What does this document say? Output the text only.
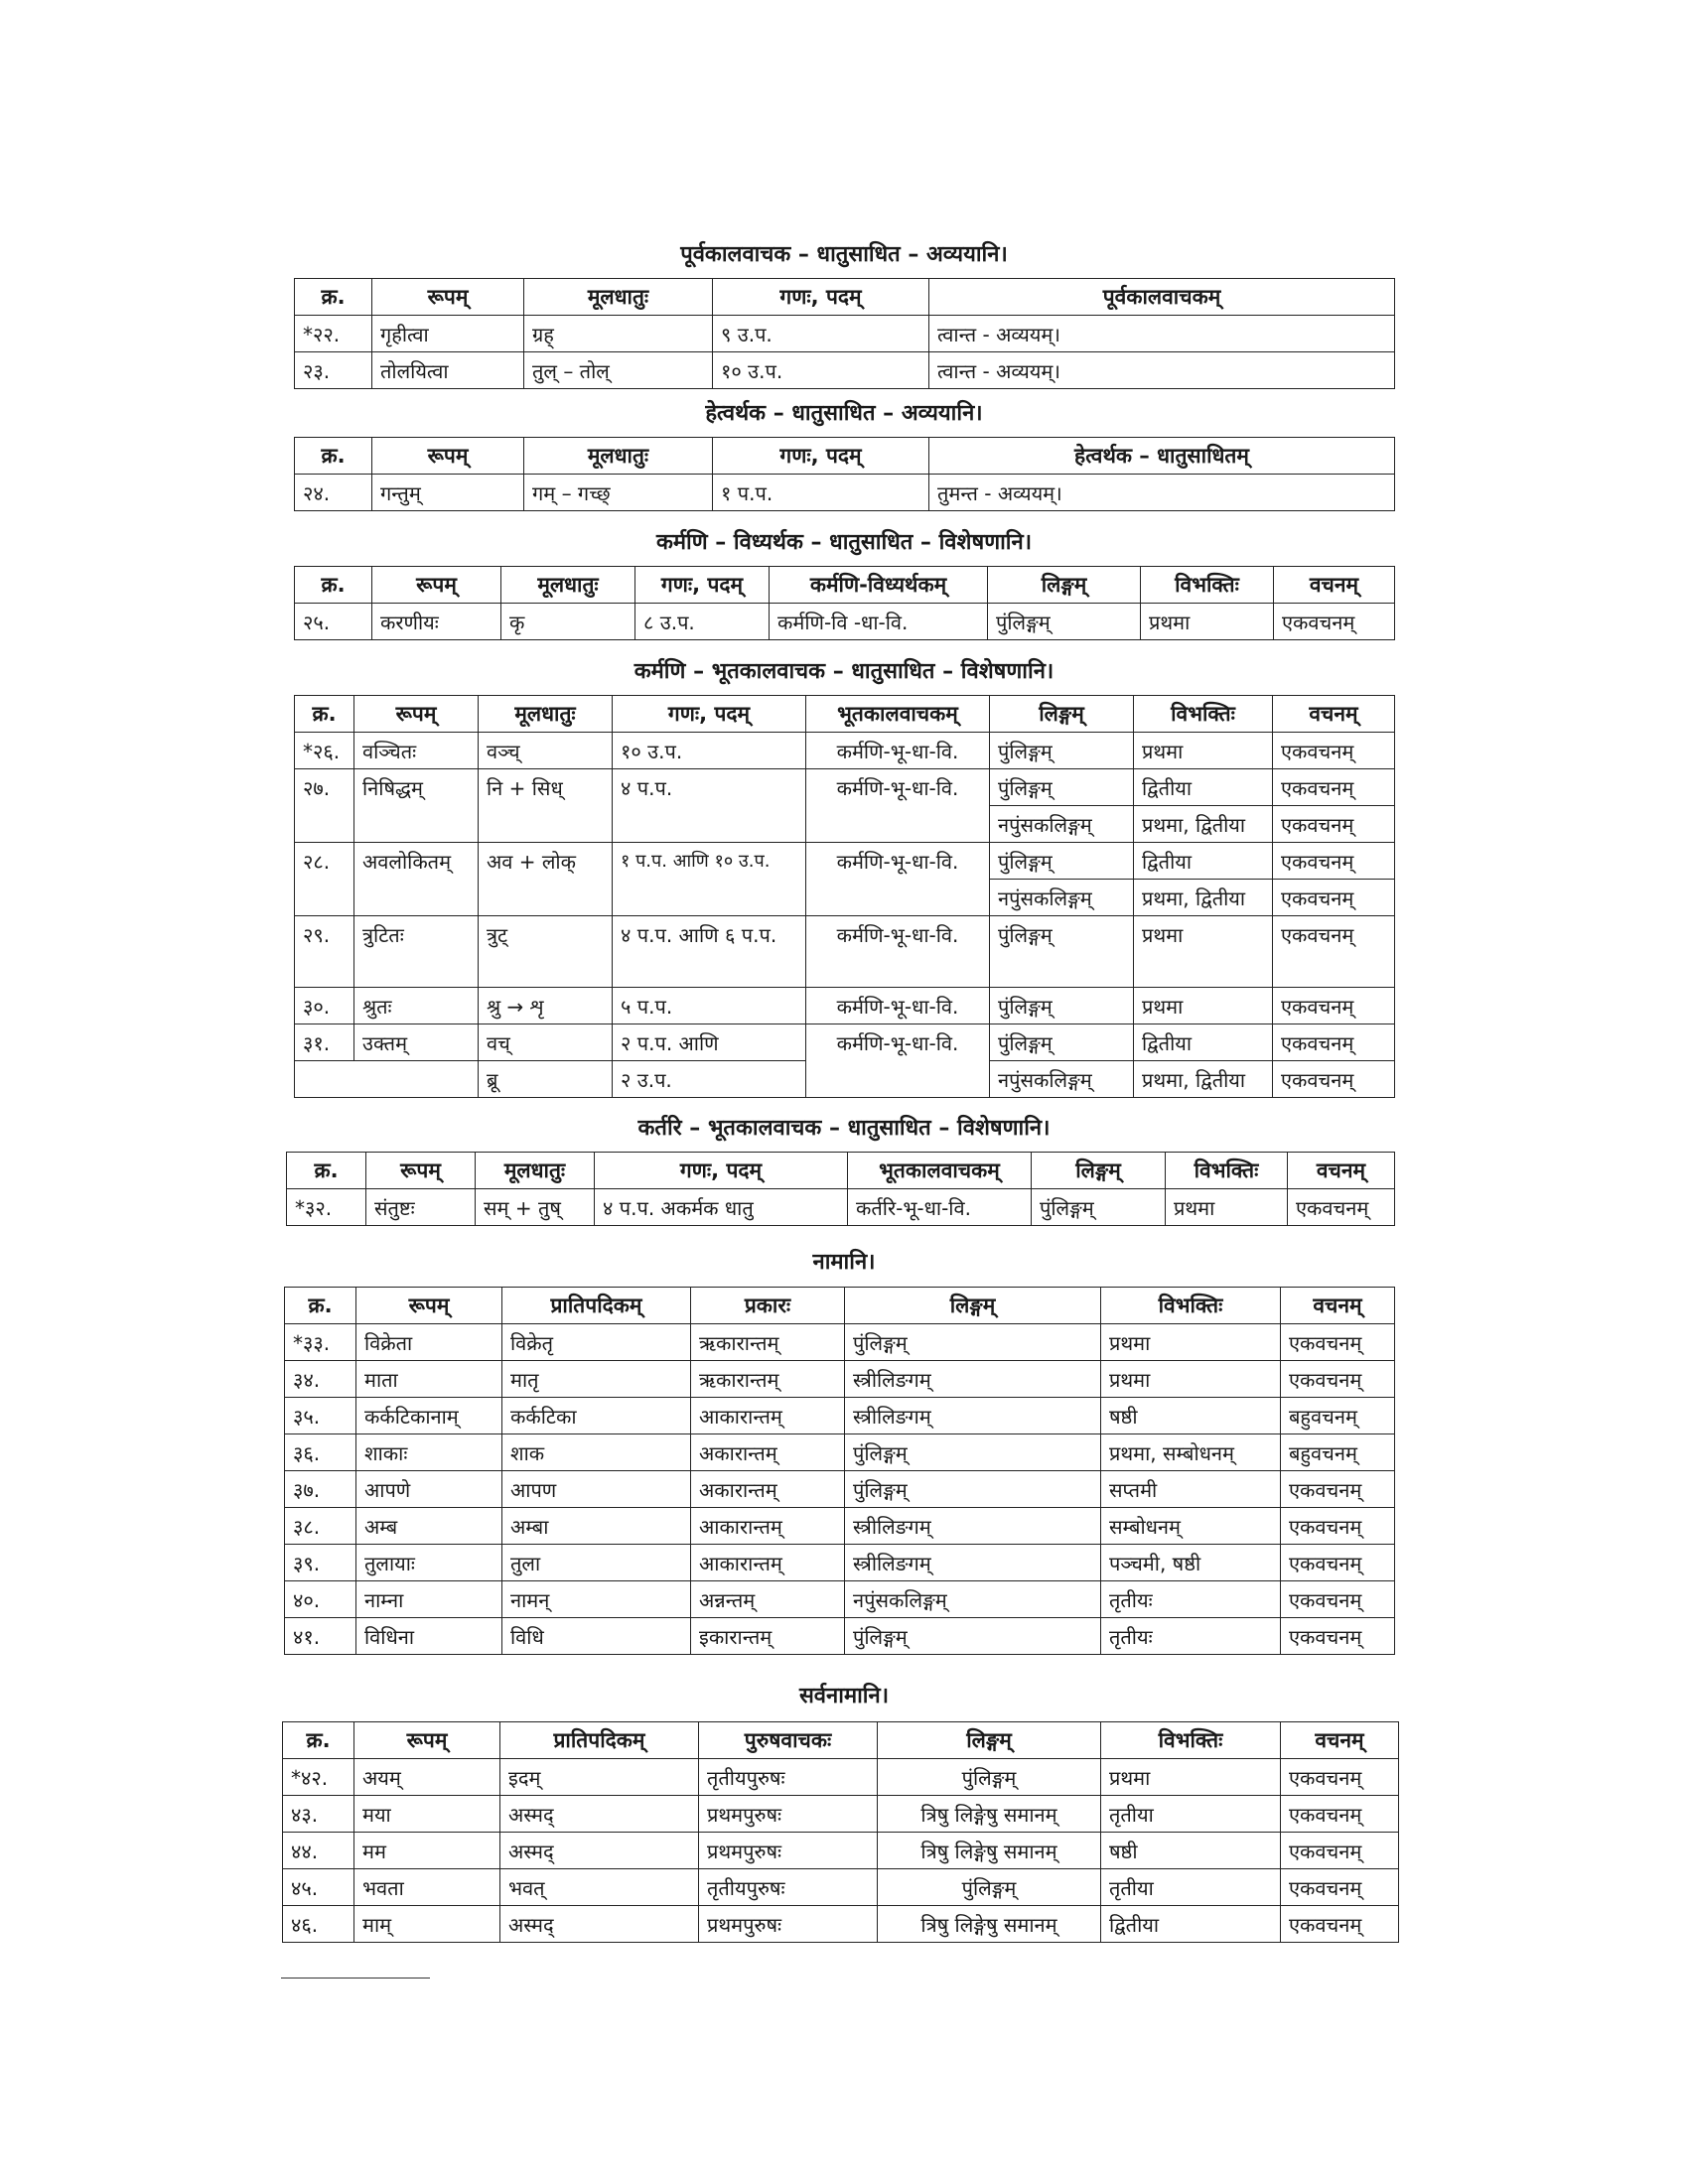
पूर्वकालवाचक – धातुसाधित – अव्ययानि।
क्र.	रूपम्	मूलधातुः	गणः, पदम्	पूर्वकालवाचकम्
*२२.	गृहीत्वा	ग्रह्	९ उ.प.	त्वान्त - अव्ययम्।
२३.	तोलयित्वा	तुल् – तोल्	१० उ.प.	त्वान्त - अव्ययम्।
हेत्वर्थक – धातुसाधित – अव्ययानि।
क्र.	रूपम्	मूलधातुः	गणः, पदम्	हेत्वर्थक – धातुसाधितम्
२४.	गन्तुम्	गम् – गच्छ्	१ प.प.	तुमन्त - अव्ययम्।
कर्मणि – विध्यर्थक – धातुसाधित – विशेषणानि।
क्र.	रूपम्	मूलधातुः	गणः, पदम्	कर्मणि-विध्यर्थकम्	लिङ्गम्	विभक्तिः	वचनम्
२५.	करणीयः	कृ	८ उ.प.	कर्मणि-वि -धा-वि.	पुंलिङ्गम्	प्रथमा	एकवचनम्
कर्मणि – भूतकालवाचक – धातुसाधित – विशेषणानि।
क्र.	रूपम्	मूलधातुः	गणः, पदम्	भूतकालवाचकम्	लिङ्गम्	विभक्तिः	वचनम्
*२६.	वञ्चितः	वञ्च्	१० उ.प.	कर्मणि-भू-धा-वि.	पुंलिङ्गम्	प्रथमा	एकवचनम्
२७.	निषिद्धम्	नि + सिध्	४ प.प.	कर्मणि-भू-धा-वि.	पुंलिङ्गम्	द्वितीया	एकवचनम्
					नपुंसकलिङ्गम्	प्रथमा, द्वितीया	एकवचनम्
२८.	अवलोकितम्	अव + लोक्	१ प.प. आणि १० उ.प.	कर्मणि-भू-धा-वि.	पुंलिङ्गम्	द्वितीया	एकवचनम्
					नपुंसकलिङ्गम्	प्रथमा, द्वितीया	एकवचनम्
२९.	त्रुटितः	त्रुट्	४ प.प. आणि ६ प.प.	कर्मणि-भू-धा-वि.	पुंलिङ्गम्	प्रथमा	एकवचनम्
३०.	श्रुतः	श्रु → शृ	५ प.प.	कर्मणि-भू-धा-वि.	पुंलिङ्गम्	प्रथमा	एकवचनम्
३१.	उक्तम्	वच्	२ प.प. आणि	कर्मणि-भू-धा-वि.	पुंलिङ्गम्	द्वितीया	एकवचनम्
		ब्रू	२ उ.प.		नपुंसकलिङ्गम्	प्रथमा, द्वितीया	एकवचनम्
कर्तरि – भूतकालवाचक – धातुसाधित – विशेषणानि।
क्र.	रूपम्	मूलधातुः	गणः, पदम्	भूतकालवाचकम्	लिङ्गम्	विभक्तिः	वचनम्
*३२.	संतुष्टः	सम् + तुष्	४ प.प. अकर्मक धातु	कर्तरि-भू-धा-वि.	पुंलिङ्गम्	प्रथमा	एकवचनम्
नामानि।
क्र.	रूपम्	प्रातिपदिकम्	प्रकारः	लिङ्गम्	विभक्तिः	वचनम्
*३३.	विक्रेता	विक्रेतृ	ऋकारान्तम्	पुंलिङ्गम्	प्रथमा	एकवचनम्
३४.	माता	मातृ	ऋकारान्तम्	स्त्रीलिङगम्	प्रथमा	एकवचनम्
३५.	कर्कटिकानाम्	कर्कटिका	आकारान्तम्	स्त्रीलिङगम्	षष्ठी	बहुवचनम्
३६.	शाकाः	शाक	अकारान्तम्	पुंलिङ्गम्	प्रथमा, सम्बोधनम्	बहुवचनम्
३७.	आपणे	आपण	अकारान्तम्	पुंलिङ्गम्	सप्तमी	एकवचनम्
३८.	अम्ब	अम्बा	आकारान्तम्	स्त्रीलिङगम्	सम्बोधनम्	एकवचनम्
३९.	तुलायाः	तुला	आकारान्तम्	स्त्रीलिङगम्	पञ्चमी, षष्ठी	एकवचनम्
४०.	नाम्ना	नामन्	अन्नन्तम्	नपुंसकलिङ्गम्	तृतीयः	एकवचनम्
४१.	विधिना	विधि	इकारान्तम्	पुंलिङ्गम्	तृतीयः	एकवचनम्
सर्वनामानि।
क्र.	रूपम्	प्रातिपदिकम्	पुरुषवाचकः	लिङ्गम्	विभक्तिः	वचनम्
*४२.	अयम्	इदम्	तृतीयपुरुषः	पुंलिङ्गम्	प्रथमा	एकवचनम्
४३.	मया	अस्मद्	प्रथमपुरुषः	त्रिषु लिङ्गेषु समानम्	तृतीया	एकवचनम्
४४.	मम	अस्मद्	प्रथमपुरुषः	त्रिषु लिङ्गेषु समानम्	षष्ठी	एकवचनम्
४५.	भवता	भवत्	तृतीयपुरुषः	पुंलिङ्गम्	तृतीया	एकवचनम्
४६.	माम्	अस्मद्	प्रथमपुरुषः	त्रिषु लिङ्गेषु समानम्	द्वितीया	एकवचनम्
